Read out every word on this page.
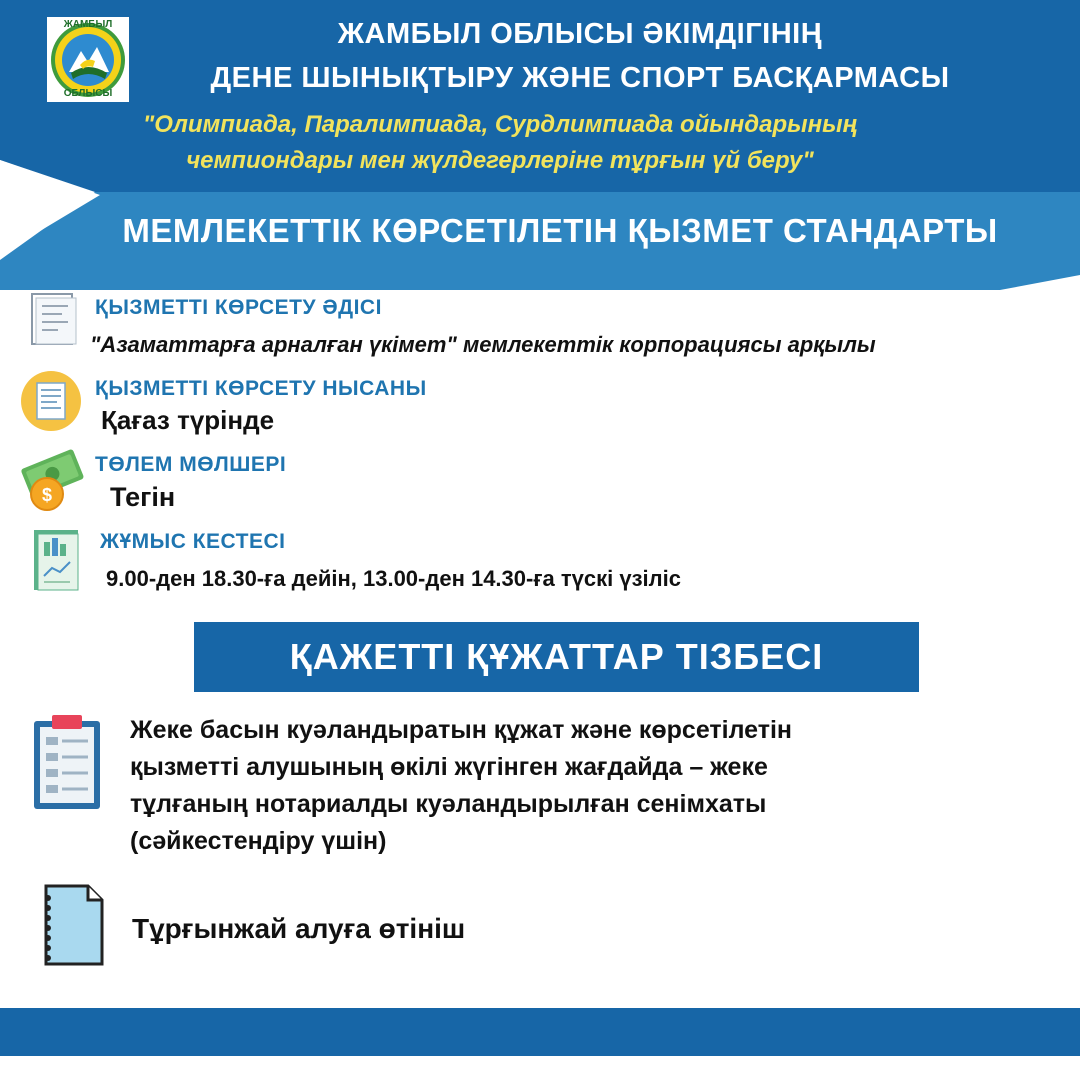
ЖАМБЫЛ
ОБЛЫСЫ
ЖАМБЫЛ ОБЛЫСЫ ӘКІМДІГІНІҢ
ДЕНЕ ШЫНЫҚТЫРУ ЖӘНЕ СПОРТ БАСҚАРМАСЫ
"Олимпиада, Паралимпиада, Сурдлимпиада ойындарының
чемпиондары мен жүлдегерлеріне тұрғын үй беру"
МЕМЛЕКЕТТІК КӨРСЕТІЛЕТІН ҚЫЗМЕТ СТАНДАРТЫ
ҚЫЗМЕТТІ КӨРСЕТУ ӘДІСІ
"Азаматтарға арналған үкімет" мемлекеттік корпорациясы арқылы
ҚЫЗМЕТТІ КӨРСЕТУ НЫСАНЫ
Қағаз түрінде
$
ТӨЛЕМ МӨЛШЕРІ
Тегін
ЖҰМЫС КЕСТЕСІ
9.00-ден 18.30-ға дейін, 13.00-ден 14.30-ға түскі үзіліс
ҚАЖЕТТІ ҚҰЖАТТАР ТІЗБЕСІ
Жеке басын куәландыратын құжат және көрсетілетін
қызметті алушының өкілі жүгінген жағдайда – жеке
тұлғаның нотариалды куәландырылған сенімхаты
(сәйкестендіру үшін)
Тұрғынжай алуға өтініш
